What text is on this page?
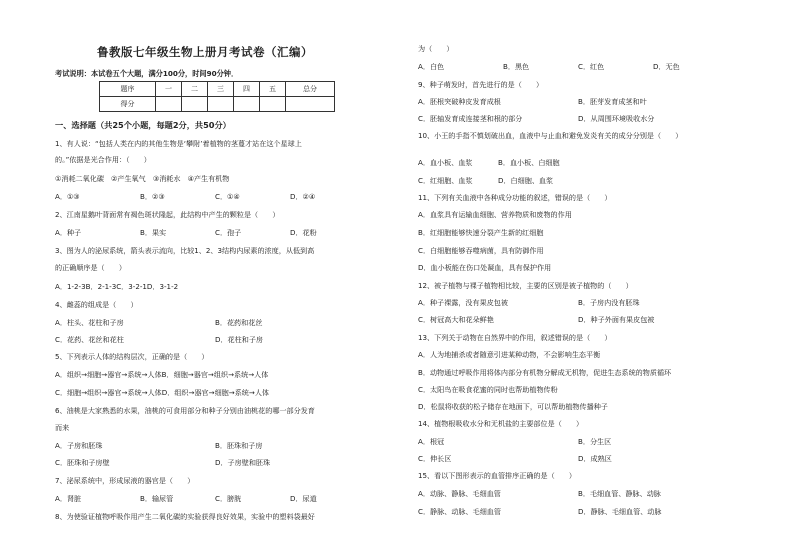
鲁教版七年级生物上册月考试卷（汇编）
考试说明：本试卷五个大题，满分100分，时间90分钟．
题序	一	二	三	四	五	总分
得分						
一、选择题（共25个小题，每题2分，共50分）
1、有人说：“包括人类在内的其他生物是‘攀附’着植物的茎蔓才站在这个星球上
的。”依据是光合作用：（　　）
①消耗二氧化碳　②产生氧气　③消耗水　④产生有机物
A．①③	B．②③	C．①④	D．②④
2、江南星鹅叶背面常有褐色斑状隆起，此结构中产生的颗粒是（　　）
A．种子	B．果实	C．孢子	D．花粉
3、图为人的泌尿系统，箭头表示流向，比较1、2、3结构内尿素的浓度，从低到高
的正确顺序是（　　）
A．1-2-3B．2-1-3C．3-2-1D．3-1-2
4、雌蕊的组成是（　　）
A．柱头、花柱和子房	B．花药和花丝
C．花药、花丝和花柱	D．花柱和子房
5、下列表示人体的结构层次，正确的是（　　）
A．组织→细胞→器官→系统→人体B．细胞→器官→组织→系统→人体
C．细胞→组织→器官→系统→人体D．组织→器官→细胞→系统→人体
6、油桃是大家熟悉的水果，油桃的可食用部分和种子分别由油桃花的哪一部分发育
而来
A．子房和胚珠	B．胚珠和子房
C．胚珠和子房壁	D．子房壁和胚珠
7、泌尿系统中，形成尿液的器官是（　　）
A．肾脏	B．输尿管	C．膀胱	D．尿道
8、为使验证植物呼吸作用产生二氧化碳的实验获得良好效果，实验中的塑料袋最好
为（　　）
A．白色	B．黑色	C．红色	D．无色
9、种子萌发时，首先进行的是（　　）
A．胚根突破种皮发育成根	B．胚芽发育成茎和叶
C．胚轴发育成连接茎和根的部分	D．从周围环境吸收水分
10、小王的手指不慎划破出血，血液中与止血和避免发炎有关的成分分别是（　　）
A．血小板、血浆	B．血小板、白细胞
C．红细胞、血浆	D．白细胞、血浆
11、下列有关血液中各种成分功能的叙述，错误的是（　　）
A．血浆具有运输血细胞、营养物质和废物的作用
B．红细胞能够快速分裂产生新的红细胞
C．白细胞能够吞噬病菌，具有防御作用
D．血小板能在伤口处凝血，具有保护作用
12、被子植物与裸子植物相比较，主要的区别是被子植物的（　　）
A．种子裸露，没有果皮包被	B．子房内没有胚珠
C．树冠高大和花朵鲜艳	D．种子外面有果皮包被
13、下列关于动物在自然界中的作用，叙述错误的是（　　）
A．人为地捕杀或者随意引进某种动物，不会影响生态平衡
B．动物通过呼吸作用将体内部分有机物分解成无机物，促进生态系统的物质循环
C．太阳鸟在吸食花蜜的同时也帮助植物传粉
D．松鼠将收获的松子储存在地面下，可以帮助植物传播种子
14、植物根吸收水分和无机盐的主要部位是（　　）
A．根冠	B．分生区
C．伸长区	D．成熟区
15、看以下图形表示的血管排序正确的是（　　）
A．动脉、静脉、毛细血管	B．毛细血管、静脉、动脉
C．静脉、动脉、毛细血管	D．静脉、毛细血管、动脉
